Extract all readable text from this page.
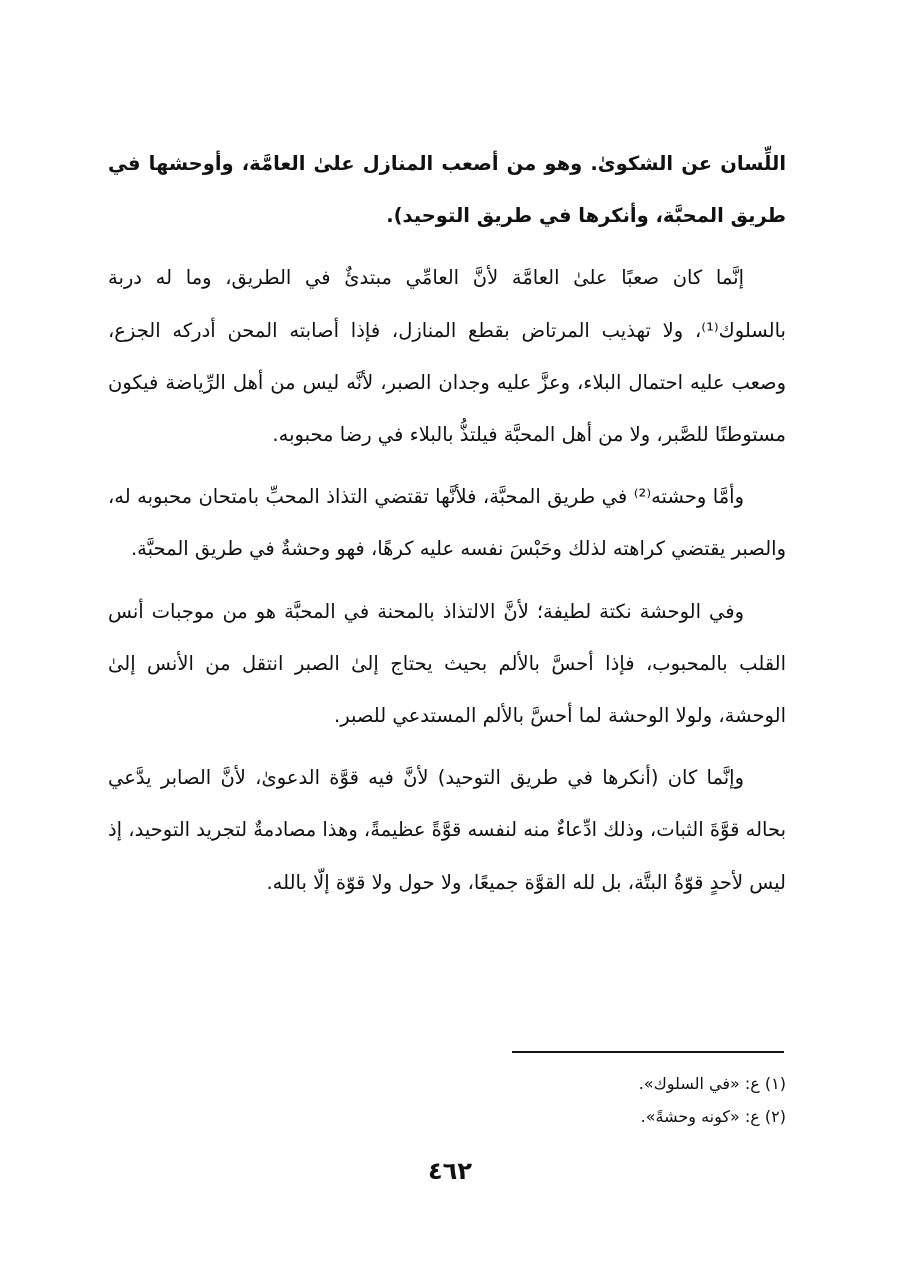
اللِّسان عن الشكوىٰ. وهو من أصعب المنازل علىٰ العامَّة، وأوحشها في طريق المحبَّة، وأنكرها في طريق التوحيد).

إنَّما كان صعبًا علىٰ العامَّة لأنَّ العامِّي مبتدئٌ في الطريق، وما له دربة بالسلوك⁽¹⁾، ولا تهذيب المرتاض بقطع المنازل، فإذا أصابته المحن أدركه الجزع، وصعب عليه احتمال البلاء، وعزَّ عليه وجدان الصبر، لأنَّه ليس من أهل الرِّياضة فيكون مستوطنًا للصَّبر، ولا من أهل المحبَّة فيلتذُّ بالبلاء في رضا محبوبه.

وأمَّا وحشته⁽²⁾ في طريق المحبَّة، فلأنَّها تقتضي التذاذ المحبِّ بامتحان محبوبه له، والصبر يقتضي كراهته لذلك وحَبْسَ نفسه عليه كرهًا، فهو وحشةٌ في طريق المحبَّة.

وفي الوحشة نكتة لطيفة؛ لأنَّ الالتذاذ بالمحنة في المحبَّة هو من موجبات أنس القلب بالمحبوب، فإذا أحسَّ بالألم بحيث يحتاج إلىٰ الصبر انتقل من الأنس إلىٰ الوحشة، ولولا الوحشة لما أحسَّ بالألم المستدعي للصبر.

وإنَّما كان (أنكرها في طريق التوحيد) لأنَّ فيه قوَّة الدعوىٰ، لأنَّ الصابر يدَّعي بحاله قوَّةَ الثبات، وذلك ادِّعاءٌ منه لنفسه قوَّةً عظيمةً، وهذا مصادمةٌ لتجريد التوحيد، إذ ليس لأحدٍ قوّةُ البتَّة، بل لله القوَّة جميعًا، ولا حول ولا قوّة إلّا بالله.

(١) ع: «في السلوك».
(٢) ع: «كونه وحشةً».
٤٦٢
